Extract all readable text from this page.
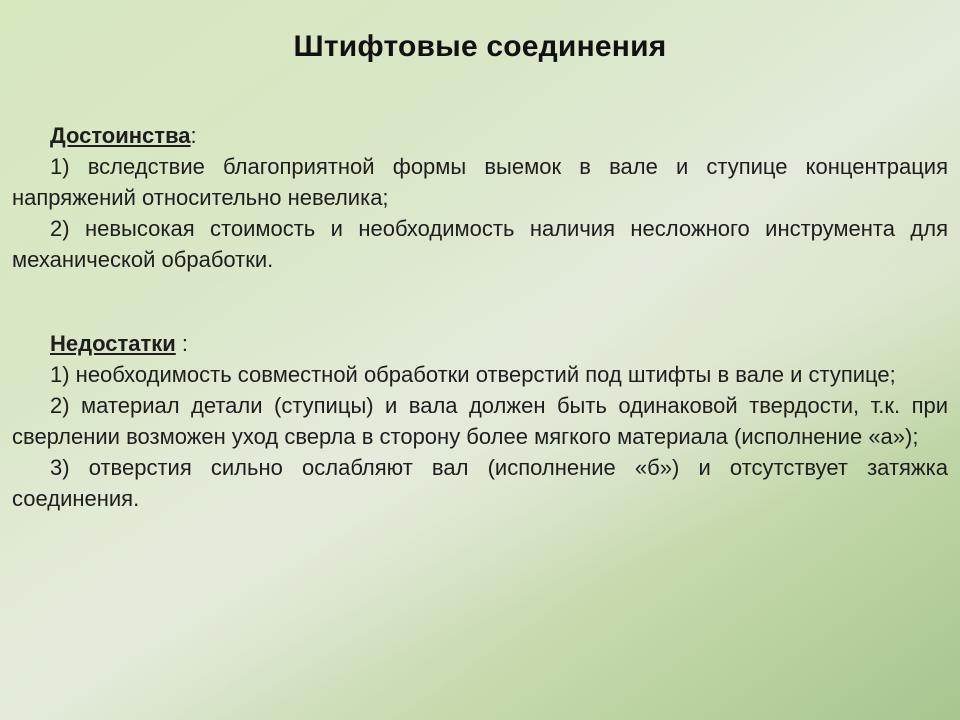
Штифтовые соединения
Достоинства:
1) вследствие благоприятной формы выемок в вале и ступице концентрация напряжений относительно невелика;
2) невысокая стоимость и необходимость наличия несложного инструмента для механической обработки.
Недостатки :
1) необходимость совместной обработки отверстий под штифты в вале и ступице;
2) материал детали (ступицы) и вала должен быть одинаковой твердости, т.к. при сверлении возможен уход сверла в сторону более мягкого материала (исполнение «а»);
3) отверстия сильно ослабляют вал (исполнение «б») и отсутствует затяжка соединения.
